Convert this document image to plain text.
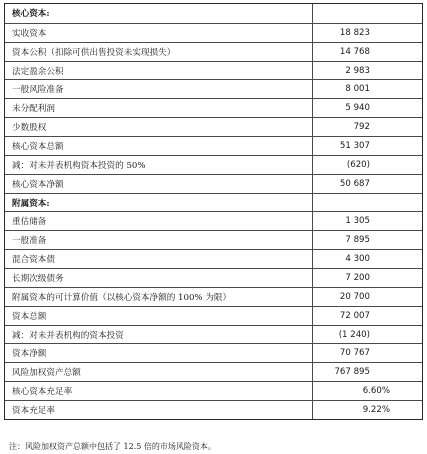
核心资本:
实收资本	18 823
资本公积（扣除可供出售投资未实现损失）	14 768
法定盈余公积	2 983
一般风险准备	8 001
未分配利润	5 940
少数股权	792
核心资本总额	51 307
减：对未并表机构资本投资的 50%	(620)
核心资本净额	50 687
附属资本:
重估储备	1 305
一般准备	7 895
混合资本债	4 300
长期次级债务	7 200
附属资本的可计算价值（以核心资本净额的 100% 为限）	20 700
资本总额	72 007
减：对未并表机构的资本投资	(1 240)
资本净额	70 767
风险加权资产总额	767 895
核心资本充足率	6.60%
资本充足率	9.22%
注：风险加权资产总额中包括了 12.5 倍的市场风险资本。
